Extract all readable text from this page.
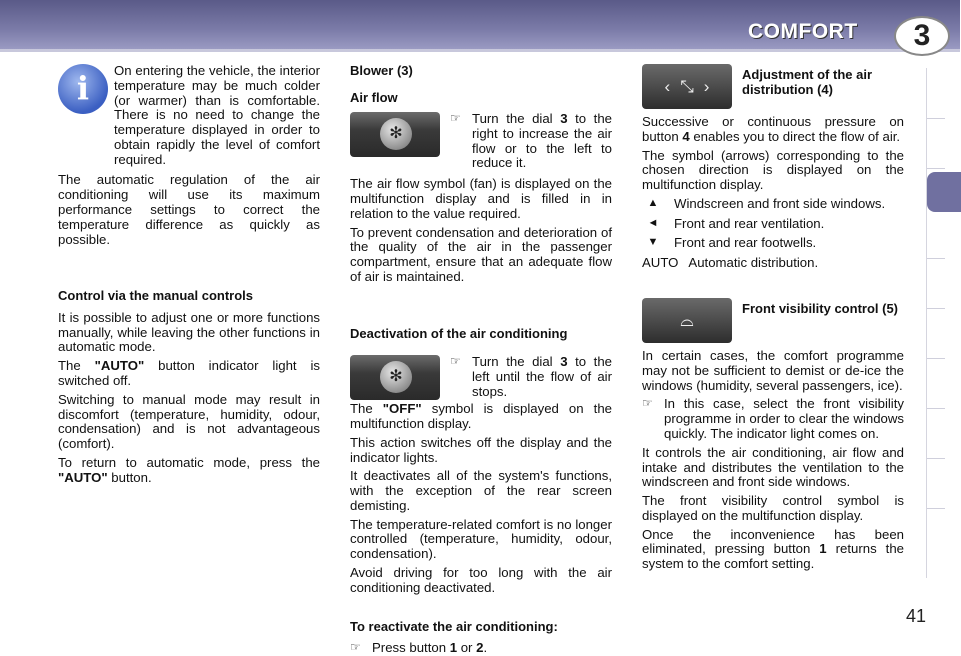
COMFORT	3
i	On entering the vehicle, the interior temperature may be much colder (or warmer) than is comfortable. There is no need to change the temperature displayed in order to obtain rapidly the level of comfort required.

The automatic regulation of the air conditioning will use its maximum performance settings to correct the temperature difference as quickly as possible.

Control via the manual controls

It is possible to adjust one or more functions manually, while leaving the other functions in automatic mode.

The "AUTO" button indicator light is switched off.

Switching to manual mode may result in discomfort (temperature, humidity, odour, condensation) and is not advantageous (comfort).

To return to automatic mode, press the "AUTO" button.

Blower (3)
Air flow
✻
☞ Turn the dial 3 to the right to increase the air flow or to the left to reduce it.

The air flow symbol (fan) is displayed on the multifunction display and is filled in in relation to the value required.

To prevent condensation and deterioration of the quality of the air in the passenger compartment, ensure that an adequate flow of air is maintained.

Deactivation of the air conditioning
✻
☞ Turn the dial 3 to the left until the flow of air stops.

The "OFF" symbol is displayed on the multifunction display.

This action switches off the display and the indicator lights.

It deactivates all of the system's functions, with the exception of the rear screen demisting.

The temperature-related comfort is no longer controlled (temperature, humidity, odour, condensation).

Avoid driving for too long with the air conditioning deactivated.

To reactivate the air conditioning:
☞ Press button 1 or 2.

‹ ⤡ ›
Adjustment of the air distribution (4)

Successive or continuous pressure on button 4 enables you to direct the flow of air.

The symbol (arrows) corresponding to the chosen direction is displayed on the multifunction display.

▲	Windscreen and front side windows.
◄	Front and rear ventilation.
▼	Front and rear footwells.
AUTO Automatic distribution.
⌓
Front visibility control (5)

In certain cases, the comfort programme may not be sufficient to demist or de-ice the windows (humidity, several passengers, ice).

☞ In this case, select the front visibility programme in order to clear the windows quickly. The indicator light comes on.

It controls the air conditioning, air flow and intake and distributes the ventilation to the windscreen and front side windows.

The front visibility control symbol is displayed on the multifunction display.

Once the inconvenience has been eliminated, pressing button 1 returns the system to the comfort setting.

41
